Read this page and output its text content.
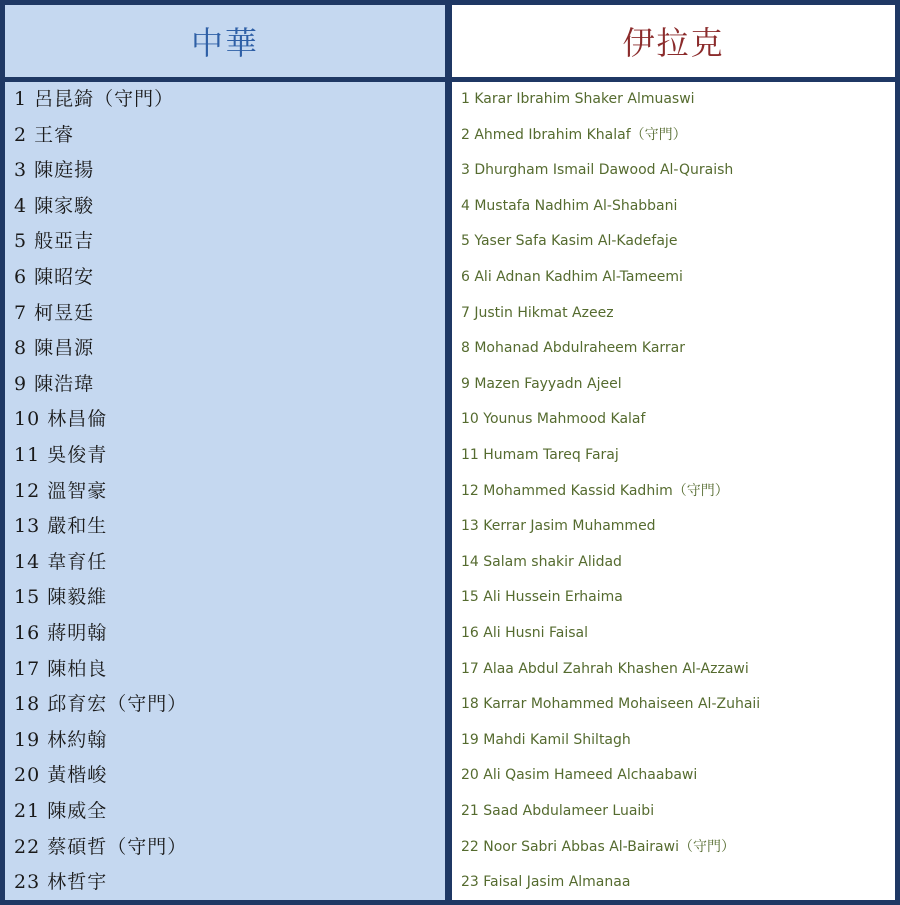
中華	伊拉克
1 呂昆錡（守門）
2 王睿
3 陳庭揚
4 陳家駿
5 般亞吉
6 陳昭安
7 柯昱廷
8 陳昌源
9 陳浩瑋
10 林昌倫
11 吳俊青
12 溫智豪
13 嚴和生
14 韋育任
15 陳毅維
16 蔣明翰
17 陳柏良
18 邱育宏（守門）
19 林約翰
20 黃楷峻
21 陳威全
22 蔡碩哲（守門）
23 林哲宇
1 Karar Ibrahim Shaker Almuaswi
2 Ahmed Ibrahim Khalaf（守門）
3 Dhurgham Ismail Dawood Al-Quraish
4 Mustafa Nadhim Al-Shabbani
5 Yaser Safa Kasim Al-Kadefaje
6 Ali Adnan Kadhim Al-Tameemi
7 Justin Hikmat Azeez
8 Mohanad Abdulraheem Karrar
9 Mazen Fayyadn Ajeel
10 Younus Mahmood Kalaf
11 Humam Tareq Faraj
12 Mohammed Kassid Kadhim（守門）
13 Kerrar Jasim Muhammed
14 Salam shakir Alidad
15 Ali Hussein Erhaima
16 Ali Husni Faisal
17 Alaa Abdul Zahrah Khashen Al-Azzawi
18 Karrar Mohammed Mohaiseen Al-Zuhaii
19 Mahdi Kamil Shiltagh
20 Ali Qasim Hameed Alchaabawi
21 Saad Abdulameer Luaibi
22 Noor Sabri Abbas Al-Bairawi（守門）
23 Faisal Jasim Almanaa
